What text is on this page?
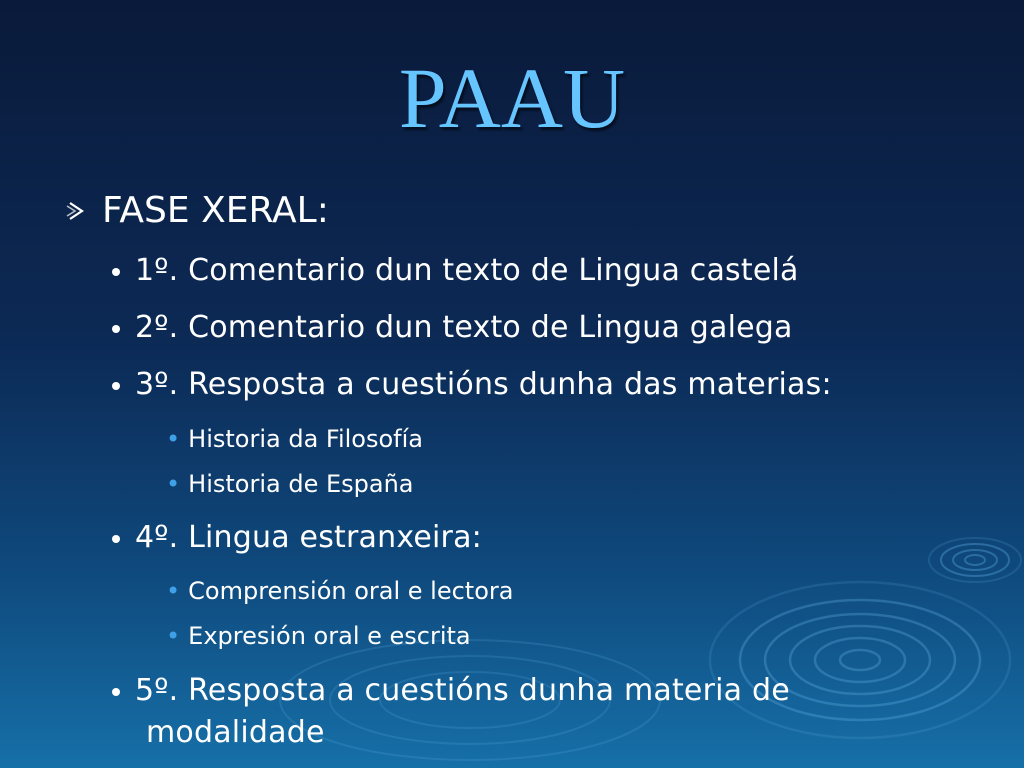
PAAU
FASE XERAL:
1º. Comentario dun texto de Lingua castelá
2º. Comentario dun texto de Lingua galega
3º. Resposta a cuestións dunha das materias:
• Historia da Filosofía
• Historia de España
4º. Lingua estranxeira:
• Comprensión oral e lectora
• Expresión oral e escrita
5º. Resposta a cuestións dunha materia de
modalidade
